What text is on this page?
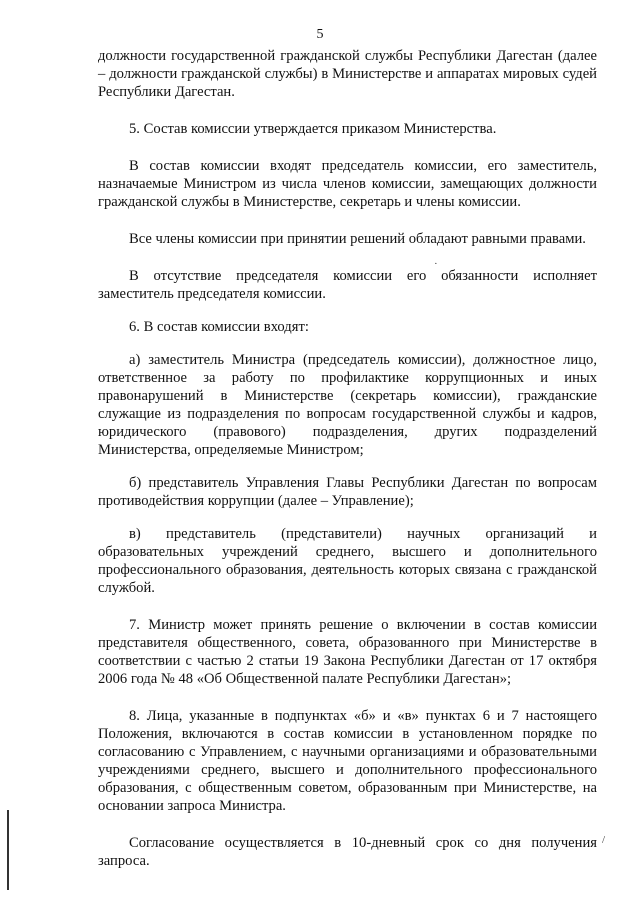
5

должности государственной гражданской службы Республики Дагестан (далее – должности гражданской службы) в Министерстве и аппаратах мировых судей Республики Дагестан.

5. Состав комиссии утверждается приказом Министерства.

В состав комиссии входят председатель комиссии, его заместитель, назначаемые Министром из числа членов комиссии, замещающих должности гражданской службы в Министерстве, секретарь и члены комиссии.

Все члены комиссии при принятии решений обладают равными правами.

В отсутствие председателя комиссии его обязанности исполняет заместитель председателя комиссии.

6. В состав комиссии входят:

а) заместитель Министра (председатель комиссии), должностное лицо, ответственное за работу по профилактике коррупционных и иных правонарушений в Министерстве (секретарь комиссии), гражданские служащие из подразделения по вопросам государственной службы и кадров, юридического (правового) подразделения, других подразделений Министерства, определяемые Министром;

б) представитель Управления Главы Республики Дагестан по вопросам противодействия коррупции (далее – Управление);

в) представитель (представители) научных организаций и образовательных учреждений среднего, высшего и дополнительного профессионального образования, деятельность которых связана с гражданской службой.

7. Министр может принять решение о включении в состав комиссии представителя общественного, совета, образованного при Министерстве в соответствии с частью 2 статьи 19 Закона Республики Дагестан от 17 октября 2006 года № 48 «Об Общественной палате Республики Дагестан»;

8. Лица, указанные в подпунктах «б» и «в» пунктах 6 и 7 настоящего Положения, включаются в состав комиссии в установленном порядке по согласованию с Управлением, с научными организациями и образовательными учреждениями среднего, высшего и дополнительного профессионального образования, с общественным советом, образованным при Министерстве, на основании запроса Министра.

Согласование осуществляется в 10-дневный срок со дня получения запроса.

/
·
